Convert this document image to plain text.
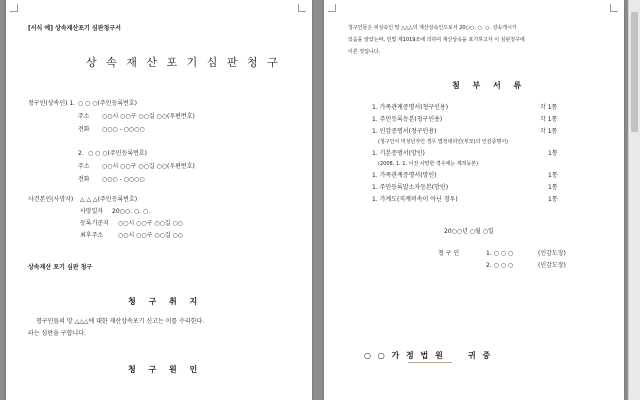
[서식 예] 상속재산포기 심판청구서
상 속 재 산 포 기 심 판 청 구
청구인(상속인) 1. ○ ○ ○(주민등록번호)
주소 ○○시 ○○구 ○○길 ○○(우편번호)
전화 ○○○ - ○○○○
2. ○ ○ ○(주민등록번호)
주소 ○○시 ○○구 ○○길 ○○(우편번호)
전화 ○○○ - ○○○○
사건본인(사망자) △ △ △(주민등록번호)
사망일자 20○○. ○. ○.
등록기준지 ○○시 ○○구 ○○길 ○○
최후주소 ○○시 ○○구 ○○길 ○○
상속재산 포기 심판 청구
청 구 취 지
청구인들의 망 △△△에 대한 재산상속포기 신고는 이를 수리한다.
라는 심판을 구합니다.
청 구 원 인
청구인들은 피상속인 망 △△△의 재산상속인으로서 20○○. ○. ○. 상속개시가
있음을 알았는바, 민법 제1019조에 의하여 재산상속을 포기하고자 이 심판청구에
이른 것입니다.
첨 부 서 류
1. 가족관계증명서(청구인용)	각 1통
1. 주민등록등본(청구인용)	각 1통
1. 인감증명서(청구인용)	각 1통
(청구인이 미성년자인 경우 법정대리인(부모)의 인감증명서)
1. 기본증명서(망인)	1통
(2008. 1. 1. 이전 사망한 경우에는 제적등본)
1. 가족관계증명서(망인)	1통
1. 주민등록말소자등본(망인)	1통
1. 가계도(직계비속이 아닌 경우)	1통
20○○년 ○월 ○일
청 구 인	1. ○ ○ ○	(인감도장)
2. ○ ○ ○	(인감도장)
○ ○ 가 정 법 원	귀 중
